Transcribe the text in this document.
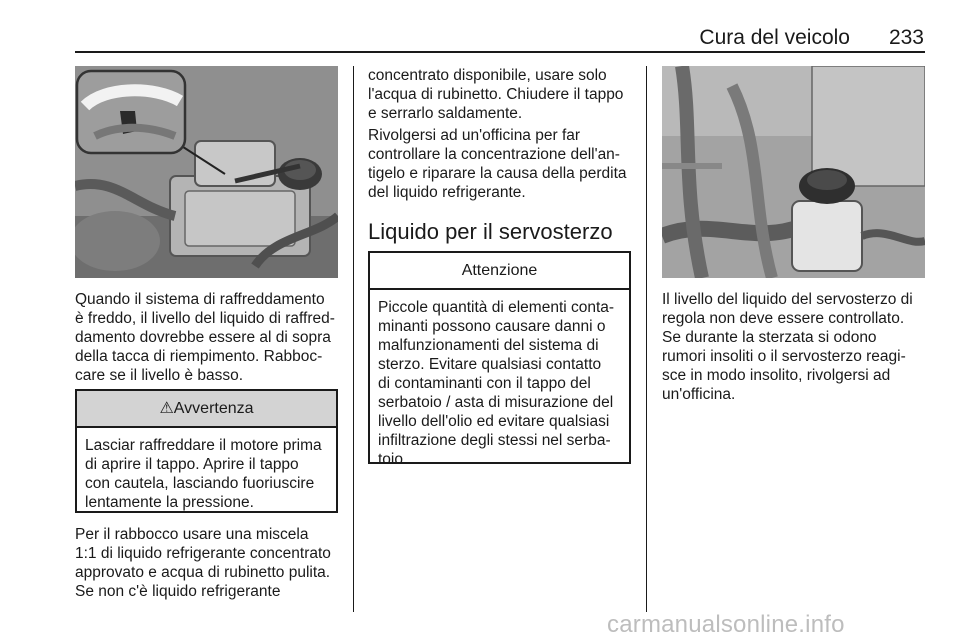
Cura del veicolo	233

Quando il sistema di raffreddamento
è freddo, il livello del liquido di raffred-
damento dovrebbe essere al di sopra
della tacca di riempimento. Rabboc-
care se il livello è basso.

⚠Avvertenza
Lasciar raffreddare il motore prima
di aprire il tappo. Aprire il tappo
con cautela, lasciando fuoriuscire
lentamente la pressione.

Per il rabbocco usare una miscela
1:1 di liquido refrigerante concentrato
approvato e acqua di rubinetto pulita.
Se non c'è liquido refrigerante

concentrato disponibile, usare solo
l'acqua di rubinetto. Chiudere il tappo
e serrarlo saldamente.

Rivolgersi ad un'officina per far
controllare la concentrazione dell'an-
tigelo e riparare la causa della perdita
del liquido refrigerante.

Liquido per il servosterzo
Attenzione
Piccole quantità di elementi conta-
minanti possono causare danni o
malfunzionamenti del sistema di
sterzo. Evitare qualsiasi contatto
di contaminanti con il tappo del
serbatoio / asta di misurazione del
livello dell'olio ed evitare qualsiasi
infiltrazione degli stessi nel serba-
toio.

Il livello del liquido del servosterzo di
regola non deve essere controllato.
Se durante la sterzata si odono
rumori insoliti o il servosterzo reagi-
sce in modo insolito, rivolgersi ad
un'officina.

carmanualsonline.info
